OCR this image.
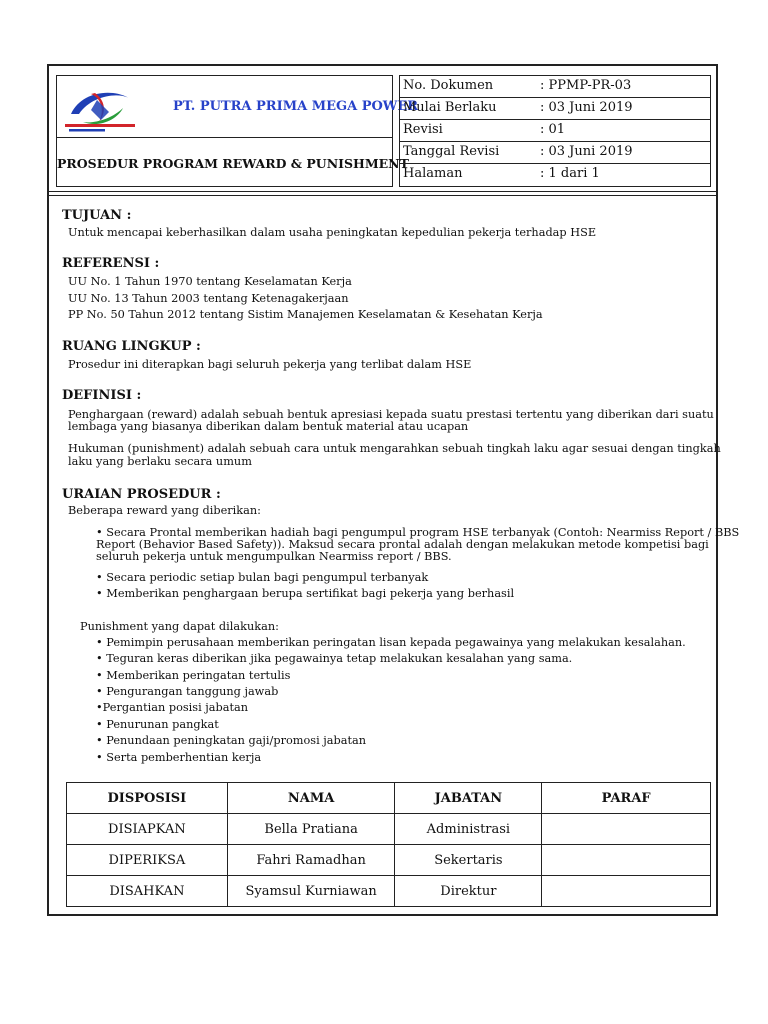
PT. PUTRA PRIMA MEGA POWER
PROSEDUR PROGRAM REWARD & PUNISHMENT
No. Dokumen	: PPMP-PR-03
Mulai Berlaku	: 03 Juni 2019
Revisi	: 01
Tanggal Revisi	: 03 Juni 2019
Halaman	: 1 dari 1
TUJUAN :
Untuk mencapai keberhasilkan dalam usaha peningkatan kepedulian pekerja terhadap HSE
REFERENSI :
UU No. 1 Tahun 1970 tentang Keselamatan Kerja
UU No. 13 Tahun 2003 tentang Ketenagakerjaan
PP No. 50 Tahun 2012 tentang Sistim Manajemen Keselamatan & Kesehatan Kerja
RUANG LINGKUP :
Prosedur ini diterapkan bagi seluruh pekerja yang terlibat dalam HSE
DEFINISI :
Penghargaan (reward) adalah sebuah bentuk apresiasi kepada suatu prestasi tertentu yang diberikan dari suatu
lembaga yang biasanya diberikan dalam bentuk material atau ucapan
Hukuman (punishment) adalah sebuah cara untuk mengarahkan sebuah tingkah laku agar sesuai dengan tingkah
laku yang berlaku secara umum
URAIAN PROSEDUR :
Beberapa reward yang diberikan:
• Secara Prontal memberikan hadiah bagi pengumpul program HSE terbanyak (Contoh: Nearmiss Report / BBS
Report (Behavior Based Safety)). Maksud secara prontal adalah dengan melakukan metode kompetisi bagi
seluruh pekerja untuk mengumpulkan Nearmiss report / BBS.
• Secara periodic setiap bulan bagi pengumpul terbanyak
• Memberikan penghargaan berupa sertifikat bagi pekerja yang berhasil
Punishment yang dapat dilakukan:
• Pemimpin perusahaan memberikan peringatan lisan kepada pegawainya yang melakukan kesalahan.
• Teguran keras diberikan jika pegawainya tetap melakukan kesalahan yang sama.
• Memberikan peringatan tertulis
• Pengurangan tanggung jawab
•Pergantian posisi jabatan
• Penurunan pangkat
• Penundaan peningkatan gaji/promosi jabatan
• Serta pemberhentian kerja
DISPOSISI	NAMA	JABATAN	PARAF
DISIAPKAN	Bella Pratiana	Administrasi	
DIPERIKSA	Fahri Ramadhan	Sekertaris	
DISAHKAN	Syamsul Kurniawan	Direktur	
